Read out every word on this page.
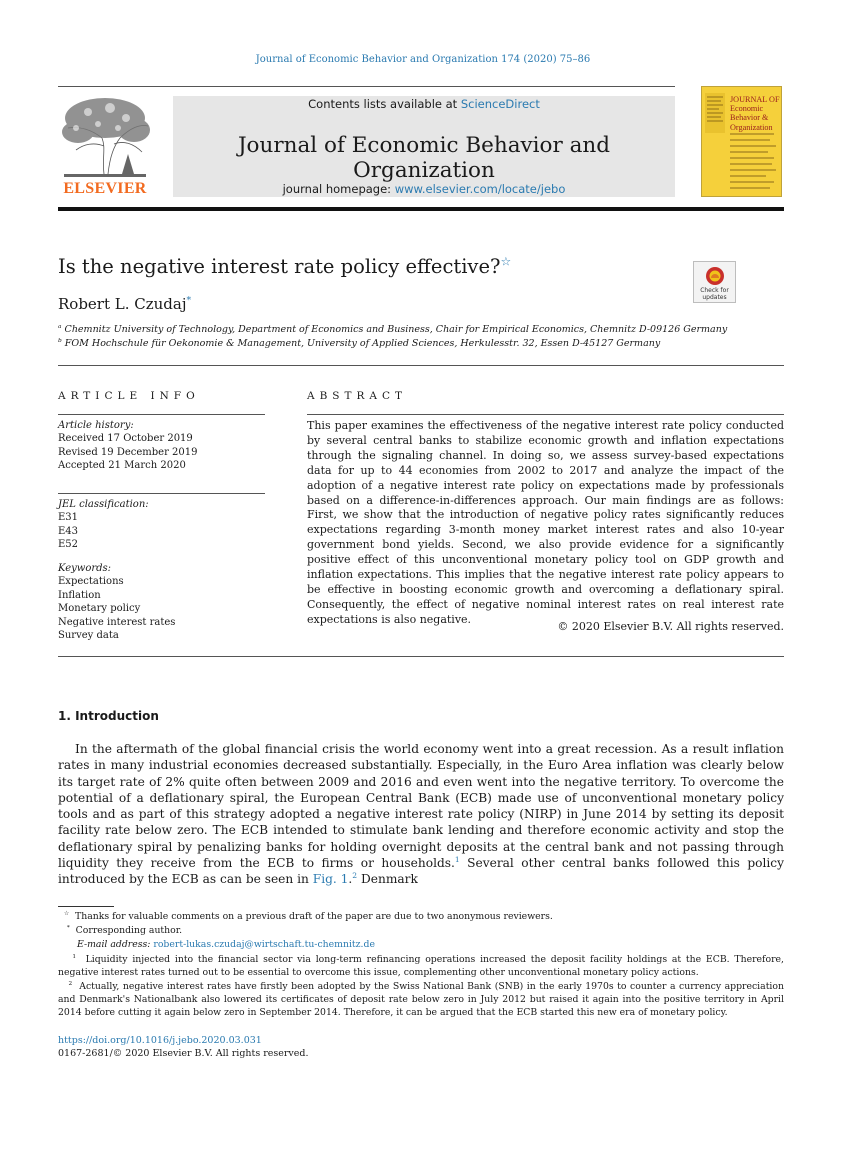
Journal of Economic Behavior and Organization 174 (2020) 75–86
ELSEVIER
Contents lists available at ScienceDirect
Journal of Economic Behavior and Organization
journal homepage: www.elsevier.com/locate/jebo
JOURNAL OF Economic Behavior & Organization
Is the negative interest rate policy effective?☆
Check for updates
Robert L. Czudaj*
$^a$ Chemnitz University of Technology, Department of Economics and Business, Chair for Empirical Economics, Chemnitz D-09126 Germany
$^b$ FOM Hochschule für Oekonomie & Management, University of Applied Sciences, Herkulesstr. 32, Essen D-45127 Germany
ARTICLE INFO
Article history:
Received 17 October 2019
Revised 19 December 2019
Accepted 21 March 2020
JEL classification:
E31
E43
E52
Keywords:
Expectations
Inflation
Monetary policy
Negative interest rates
Survey data
ABSTRACT
This paper examines the effectiveness of the negative interest rate policy conducted by several central banks to stabilize economic growth and inflation expectations through the signaling channel. In doing so, we assess survey-based expectations data for up to 44 economies from 2002 to 2017 and analyze the impact of the adoption of a negative interest rate policy on expectations made by professionals based on a difference-in-differences approach. Our main findings are as follows: First, we show that the introduction of negative policy rates significantly reduces expectations regarding 3-month money market interest rates and also 10-year government bond yields. Second, we also provide evidence for a significantly positive effect of this unconventional monetary policy tool on GDP growth and inflation expectations. This implies that the negative interest rate policy appears to be effective in boosting economic growth and overcoming a deflationary spiral. Consequently, the effect of negative nominal interest rates on real interest rate expectations is also negative.
© 2020 Elsevier B.V. All rights reserved.
1. Introduction

In the aftermath of the global financial crisis the world economy went into a great recession. As a result inflation rates in many industrial economies decreased substantially. Especially, in the Euro Area inflation was clearly below its target rate of 2% quite often between 2009 and 2016 and even went into the negative territory. To overcome the potential of a deflationary spiral, the European Central Bank (ECB) made use of unconventional monetary policy tools and as part of this strategy adopted a negative interest rate policy (NIRP) in June 2014 by setting its deposit facility rate below zero. The ECB intended to stimulate bank lending and therefore economic activity and stop the deflationary spiral by penalizing banks for holding overnight deposits at the central bank and not passing through liquidity they receive from the ECB to firms or households.$^1$ Several other central banks followed this policy introduced by the ECB as can be seen in Fig. 1.$^2$ Denmark

☆ Thanks for valuable comments on a previous draft of the paper are due to two anonymous reviewers.
* Corresponding author.
E-mail address: robert-lukas.czudaj@wirtschaft.tu-chemnitz.de
$^1$ Liquidity injected into the financial sector via long-term refinancing operations increased the deposit facility holdings at the ECB. Therefore, negative interest rates turned out to be essential to overcome this issue, complementing other unconventional monetary policy actions.
$^2$ Actually, negative interest rates have firstly been adopted by the Swiss National Bank (SNB) in the early 1970s to counter a currency appreciation and Denmark's Nationalbank also lowered its certificates of deposit rate below zero in July 2012 but raised it again into the positive territory in April 2014 before cutting it again below zero in September 2014. Therefore, it can be argued that the ECB started this new era of monetary policy.
https://doi.org/10.1016/j.jebo.2020.03.031
0167-2681/© 2020 Elsevier B.V. All rights reserved.
